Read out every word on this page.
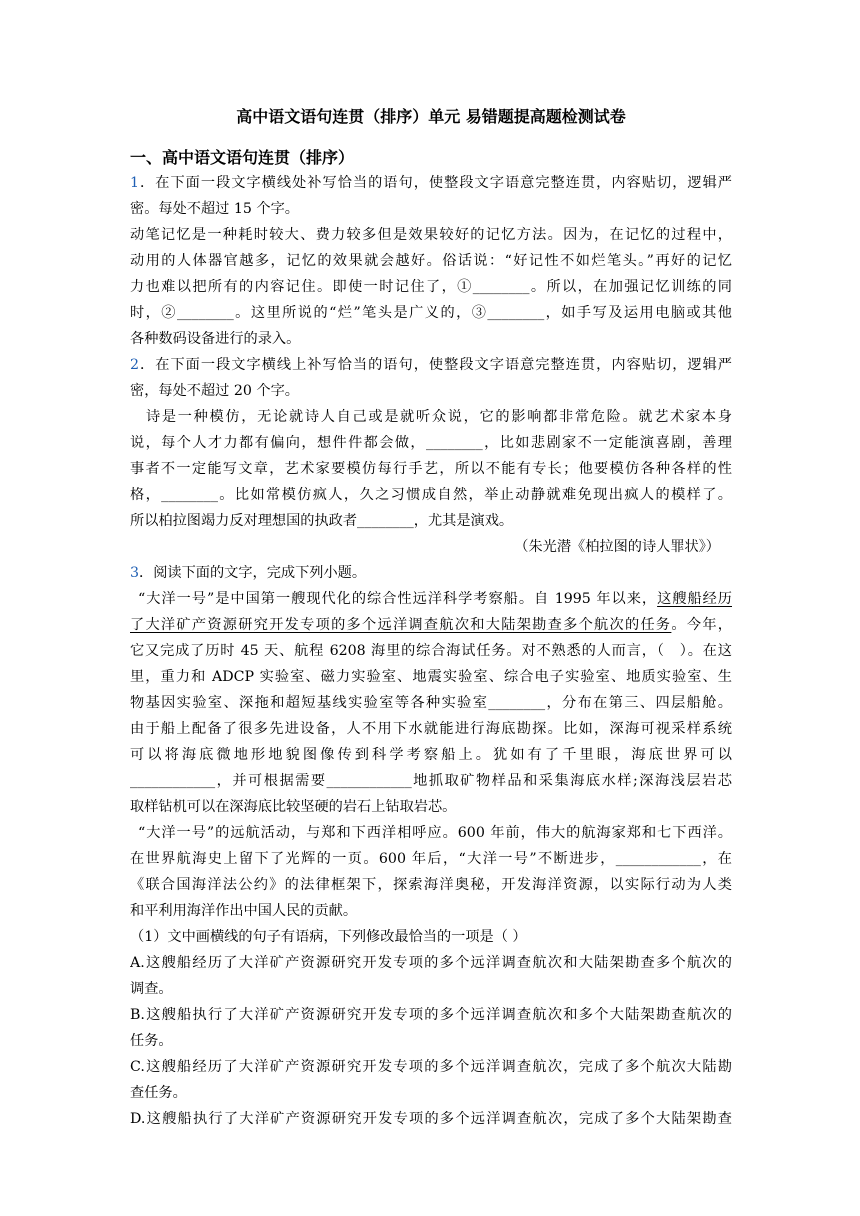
高中语文语句连贯（排序）单元 易错题提高题检测试卷
一、高中语文语句连贯（排序）
1．在下面一段文字横线处补写恰当的语句，使整段文字语意完整连贯，内容贴切，逻辑严
密。每处不超过 15 个字。
动笔记忆是一种耗时较大、费力较多但是效果较好的记忆方法。因为，在记忆的过程中，
动用的人体器官越多，记忆的效果就会越好。俗话说：“好记性不如烂笔头。”再好的记忆
力也难以把所有的内容记住。即使一时记住了，①________。所以，在加强记忆训练的同
时，②________。这里所说的“烂”笔头是广义的，③________，如手写及运用电脑或其他
各种数码设备进行的录入。
2．在下面一段文字横线上补写恰当的语句，使整段文字语意完整连贯，内容贴切，逻辑严
密，每处不超过 20 个字。
诗是一种模仿，无论就诗人自己或是就听众说，它的影响都非常危险。就艺术家本身
说，每个人才力都有偏向，想件件都会做，________，比如悲剧家不一定能演喜剧，善理
事者不一定能写文章，艺术家要模仿每行手艺，所以不能有专长；他要模仿各种各样的性
格，________。比如常模仿疯人，久之习惯成自然，举止动静就难免现出疯人的模样了。
所以柏拉图竭力反对理想国的执政者________，尤其是演戏。
（朱光潜《柏拉图的诗人罪状》）
3．阅读下面的文字，完成下列小题。
“大洋一号”是中国第一艘现代化的综合性远洋科学考察船。自 1995 年以来，这艘船经历
了大洋矿产资源研究开发专项的多个远洋调查航次和大陆架勘查多个航次的任务。今年，
它又完成了历时 45 天、航程 6208 海里的综合海试任务。对不熟悉的人而言，（　）。在这
里，重力和 ADCP 实验室、磁力实验室、地震实验室、综合电子实验室、地质实验室、生
物基因实验室、深拖和超短基线实验室等各种实验室________，分布在第三、四层船舱。
由于船上配备了很多先进设备，人不用下水就能进行海底勘探。比如，深海可视采样系统
可以将海底微地形地貌图像传到科学考察船上。犹如有了千里眼，海底世界可以
____________，并可根据需要____________地抓取矿物样品和采集海底水样;深海浅层岩芯
取样钻机可以在深海底比较坚硬的岩石上钻取岩芯。
“大洋一号”的远航活动，与郑和下西洋相呼应。600 年前，伟大的航海家郑和七下西洋。
在世界航海史上留下了光辉的一页。600 年后，“大洋一号”不断进步，____________，在
《联合国海洋法公约》的法律框架下，探索海洋奥秘，开发海洋资源，以实际行动为人类
和平利用海洋作出中国人民的贡献。
（1）文中画横线的句子有语病，下列修改最恰当的一项是（ ）
A.这艘船经历了大洋矿产资源研究开发专项的多个远洋调查航次和大陆架勘查多个航次的
调查。
B.这艘船执行了大洋矿产资源研究开发专项的多个远洋调查航次和多个大陆架勘查航次的
任务。
C.这艘船经历了大洋矿产资源研究开发专项的多个远洋调查航次，完成了多个航次大陆勘
查任务。
D.这艘船执行了大洋矿产资源研究开发专项的多个远洋调查航次，完成了多个大陆架勘查
